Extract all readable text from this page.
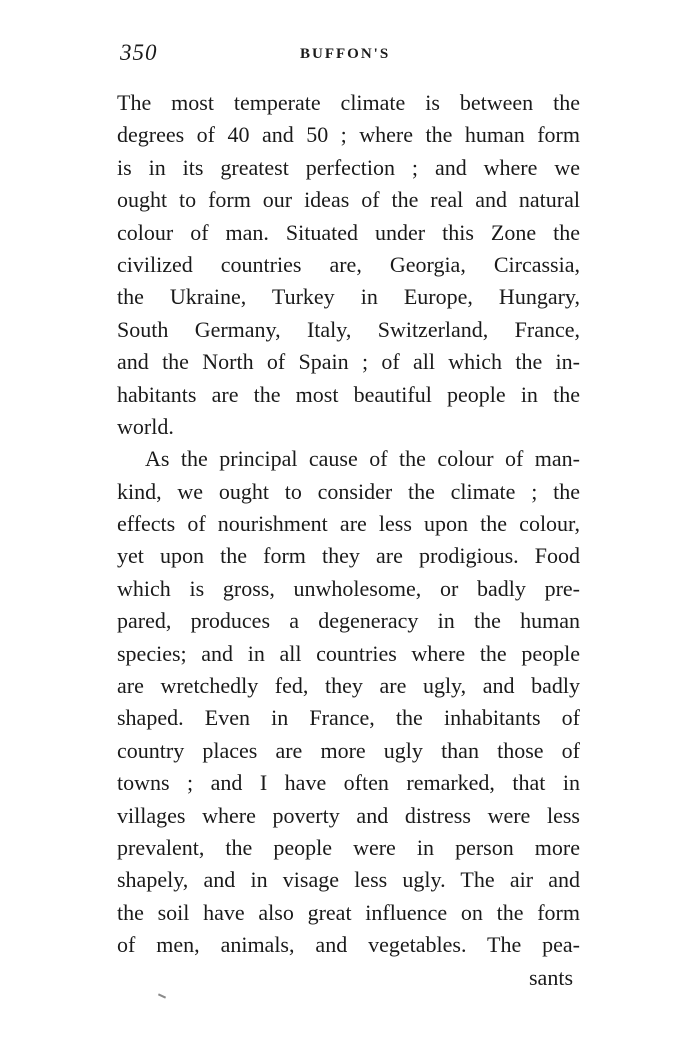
350	BUFFON'S
The most temperate climate is between the
degrees of 40 and 50 ; where the human form
is in its greatest perfection ; and where we
ought to form our ideas of the real and natural
colour of man. Situated under this Zone the
civilized countries are, Georgia, Circassia,
the Ukraine, Turkey in Europe, Hungary,
South Germany, Italy, Switzerland, France,
and the North of Spain ; of all which the in-
habitants are the most beautiful people in the
world.
As the principal cause of the colour of man-
kind, we ought to consider the climate ; the
effects of nourishment are less upon the colour,
yet upon the form they are prodigious. Food
which is gross, unwholesome, or badly pre-
pared, produces a degeneracy in the human
species; and in all countries where the people
are wretchedly fed, they are ugly, and badly
shaped. Even in France, the inhabitants of
country places are more ugly than those of
towns ; and I have often remarked, that in
villages where poverty and distress were less
prevalent, the people were in person more
shapely, and in visage less ugly. The air and
the soil have also great influence on the form
of men, animals, and vegetables. The pea-
sants
